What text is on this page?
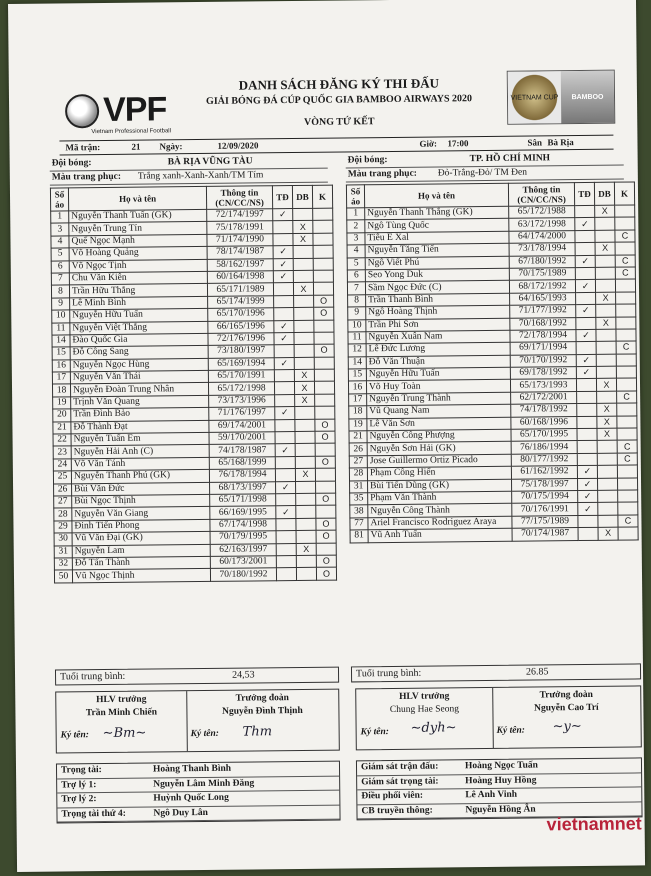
VPF
Vietnam Professional Football
DANH SÁCH ĐĂNG KÝ THI ĐẤU
GIẢI BÓNG ĐÁ CÚP QUỐC GIA BAMBOO AIRWAYS 2020
VÒNG TỨ KẾT
VIETNAM CUP	BAMBOO
Mã trận:	21 Ngày:	12/09/2020	Giờ: 17:00	Sân Bà Rịa
Đội bóng:	BÀ RỊA VŨNG TÀU
Màu trang phục: Trắng xanh-Xanh-Xanh/TM Tím
Đội bóng:	TP. HỒ CHÍ MINH
Màu trang phục: Đỏ-Trắng-Đỏ/ TM Đen
Số áo	Họ và tên	Thông tin (CN/CC/NS)	TĐ	DB	K
1	Nguyễn Thanh Tuấn (GK)	72/174/1997	✓		
3	Nguyễn Trung Tín	75/178/1991		X	
4	Quế Ngọc Mạnh	71/174/1990		X	
5	Võ Hoàng Quảng	78/174/1987	✓		
6	Võ Ngọc Tịnh	58/162/1997	✓		
7	Chu Văn Kiên	60/164/1998	✓		
8	Trần Hữu Thắng	65/171/1989		X	
9	Lê Minh Bình	65/174/1999			O
10	Nguyễn Hữu Tuấn	65/170/1996			O
11	Nguyễn Việt Thắng	66/165/1996	✓		
14	Đào Quốc Gia	72/176/1996	✓		
15	Đỗ Công Sang	73/180/1997			O
16	Nguyễn Ngọc Hùng	65/169/1994	✓		
17	Nguyễn Văn Thái	65/170/1991		X	
18	Nguyễn Đoàn Trung Nhân	65/172/1998		X	
19	Trịnh Văn Quang	73/173/1996		X	
20	Trần Đình Bảo	71/176/1997	✓		
21	Đỗ Thành Đạt	69/174/2001			O
22	Nguyễn Tuấn Em	59/170/2001			O
23	Nguyễn Hải Anh (C)	74/178/1987	✓		
24	Võ Văn Tánh	65/168/1999			O
25	Nguyễn Thanh Phú (GK)	76/178/1994		X	
26	Bùi Văn Đức	68/173/1997	✓		
27	Bùi Ngọc Thịnh	65/171/1998			O
28	Nguyễn Văn Giang	66/169/1995	✓		
29	Đinh Tiến Phong	67/174/1998			O
30	Vũ Văn Đại (GK)	70/179/1995			O
31	Nguyễn Lam	62/163/1997		X	
32	Đỗ Tấn Thành	60/173/2001			O
50	Vũ Ngọc Thịnh	70/180/1992			O
Số áo	Họ và tên	Thông tin (CN/CC/NS)	TĐ	DB	K
1	Nguyễn Thanh Thắng (GK)	65/172/1988		X	
2	Ngô Tùng Quốc	63/172/1998	✓		
3	Tiêu Ê Xal	64/174/2000			C
4	Nguyễn Tăng Tiến	73/178/1994		X	
5	Ngô Viết Phú	67/180/1992	✓		C
6	Seo Yong Duk	70/175/1989			C
7	Sầm Ngọc Đức (C)	68/172/1992	✓		
8	Trần Thanh Bình	64/165/1993		X	
9	Ngô Hoàng Thịnh	71/177/1992	✓		
10	Trần Phi Sơn	70/168/1992		X	
11	Nguyễn Xuân Nam	72/178/1994	✓		
12	Lê Đức Lương	69/171/1994			C
14	Đỗ Văn Thuận	70/170/1992	✓		
15	Nguyễn Hữu Tuấn	69/178/1992	✓		
16	Võ Huy Toàn	65/173/1993		X	
17	Nguyễn Trung Thành	62/172/2001			C
18	Vũ Quang Nam	74/178/1992		X	
19	Lê Văn Sơn	60/168/1996		X	
21	Nguyễn Công Phượng	65/170/1995		X	
26	Nguyễn Sơn Hải (GK)	76/186/1994			C
27	Jose Guillermo Ortiz Picado	80/177/1992			C
28	Phạm Công Hiển	61/162/1992	✓		
31	Bùi Tiến Dũng (GK)	75/178/1997	✓		
35	Phạm Văn Thành	70/175/1994	✓		
38	Nguyễn Công Thành	70/176/1991	✓		
77	Ariel Francisco Rodriguez Araya	77/175/1989			C
81	Vũ Anh Tuấn	70/174/1987		X	
Tuổi trung bình:	24,53	Tuổi trung bình:	26.85
HLV trưởng
Trần Minh Chiến
Ký tên: ~Bm~
Trưởng đoàn
Nguyễn Đình Thịnh
Ký tên: Thm
HLV trưởng
Chung Hae Seong
Ký tên: ~dyh~
Trưởng đoàn
Nguyễn Cao Trí
Ký tên: ~y~
Trọng tài:	Hoàng Thanh Bình
Trợ lý 1:	Nguyễn Lâm Minh Đăng
Trợ lý 2:	Huỳnh Quốc Long
Trọng tài thứ 4:	Ngô Duy Lân
Giám sát trận đấu:	Hoàng Ngọc Tuấn
Giám sát trọng tài:	Hoàng Huy Hồng
Điều phối viên:	Lê Anh Vinh
CB truyền thông:	Nguyễn Hồng Ân
vietnamnet
